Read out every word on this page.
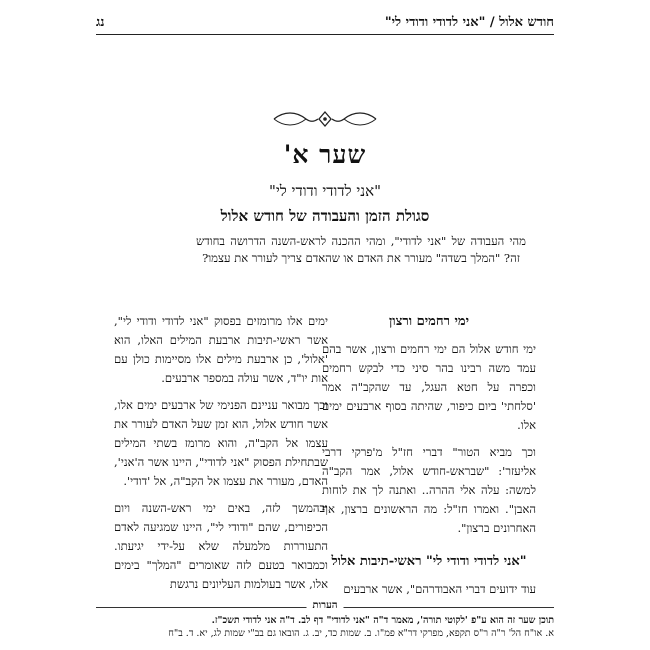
חודש אלול / "אני לדודי ודודי לי"
נג
שער א'
"אני לדודי ודודי לי"
סגולת הזמן והעבודה של חודש אלול
מהי העבודה של "אני לדודי", ומהי ההכנה לראש-השנה הדרושה בחודש זה? "המלך בשדה" מעורר את האדם או שהאדם צריך לעורר את עצמו?
ימי רחמים ורצון

ימי חודש אלול הם ימי רחמים ורצון, אשר בהם עמד משה רבינו בהר סיני כדי לבקש רחמים וכפרה על חטא העגל, עד שהקב"ה אמר 'סלחתי' ביום כיפור, שהיתה בסוף ארבעים ימים אלו.

וכך מביא הטור" דברי חז"ל מ'פרקי דרבי אליעזר': "שבראש-חודש אלול, אמר הקב"ה למשה: עלה אלי ההרה.. ואתנה לך את לוחות האבן". ואמרו חז"ל: מה הראשונים ברצון, אף האחרונים ברצון".

"אני לדודי ודודי לי" ראשי-תיבות אלול

עוד ידועים דברי האבודרהם", אשר ארבעים

ימים אלו מרומזים בפסוק "אני לדודי ודודי לי", אשר ראשי-תיבות ארבעת המילים האלו, הוא 'אלול', כן ארבעת מילים אלו מסיימות כולן עם אות יו"ד, אשר עולה במספר ארבעים.

וכך מבואר עניינם הפנימי של ארבעים ימים אלו, אשר חודש אלול, הוא זמן שעל האדם לעורר את עצמו אל הקב"ה, והוא מרומז בשתי המילים שבתחילת הפסוק "אני לדודי", היינו אשר ה'אני', האדם, מעורר את עצמו אל הקב"ה, אל 'דודי'.

ובהמשך לזה, באים ימי ראש-השנה ויום הכיפורים, שהם "ודודי לי", היינו שמגיעה לאדם התעוררות מלמעלה שלא על-ידי יגיעתו. וכמבואר בטעם לזה שאומרים "המלך" בימים אלו, אשר בעולמות העליונים נרגשת

הערות
תוכן שער זה הוא ע"פ 'לקוטי תורה', מאמר ד"ה "אני לדודי" דף לב. ד"ה אני לדודי תשכ"ז.
א. או"ח הל' ר"ה ר"ס תקפא, מפרקי דר"א פמ"ו. ב. שמות כד, יב. ג. הובאו גם בב"י שמות לג, יא. ד. ב"ח
